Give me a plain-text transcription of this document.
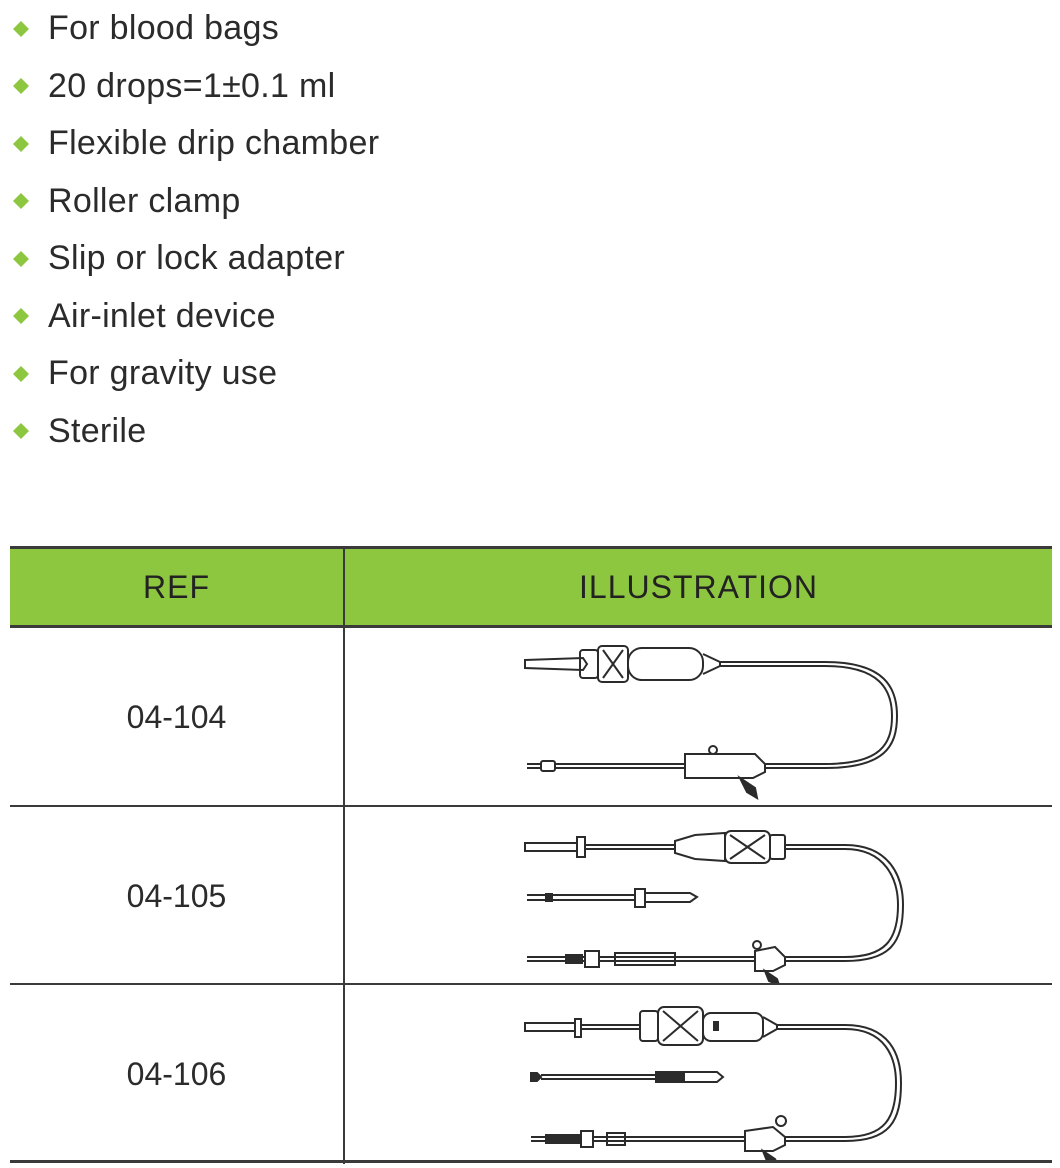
For blood bags
20 drops=1±0.1 ml
Flexible drip chamber
Roller clamp
Slip or lock adapter
Air-inlet device
For gravity use
Sterile
REF	ILLUSTRATION
04-104
04-105
04-106
